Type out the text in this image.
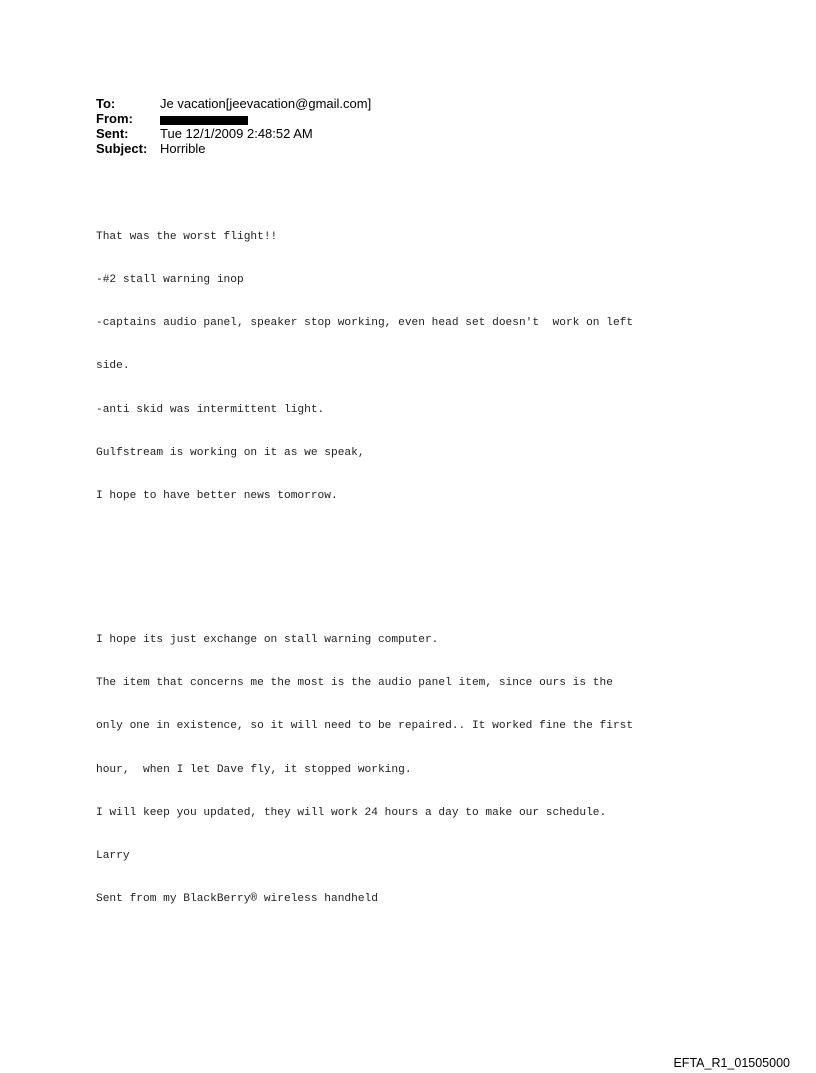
To:	Je vacation[jeevacation@gmail.com]
From:
Sent:	Tue 12/1/2009 2:48:52 AM
Subject: Horrible

That was the worst flight!!

-#2 stall warning inop

-captains audio panel, speaker stop working, even head set doesn't  work on left

side.

-anti skid was intermittent light.

Gulfstream is working on it as we speak,

I hope to have better news tomorrow.

I hope its just exchange on stall warning computer.

The item that concerns me the most is the audio panel item, since ours is the

only one in existence, so it will need to be repaired.. It worked fine the first

hour,  when I let Dave fly, it stopped working.

I will keep you updated, they will work 24 hours a day to make our schedule.

Larry

Sent from my BlackBerry® wireless handheld

EFTA_R1_01505000
